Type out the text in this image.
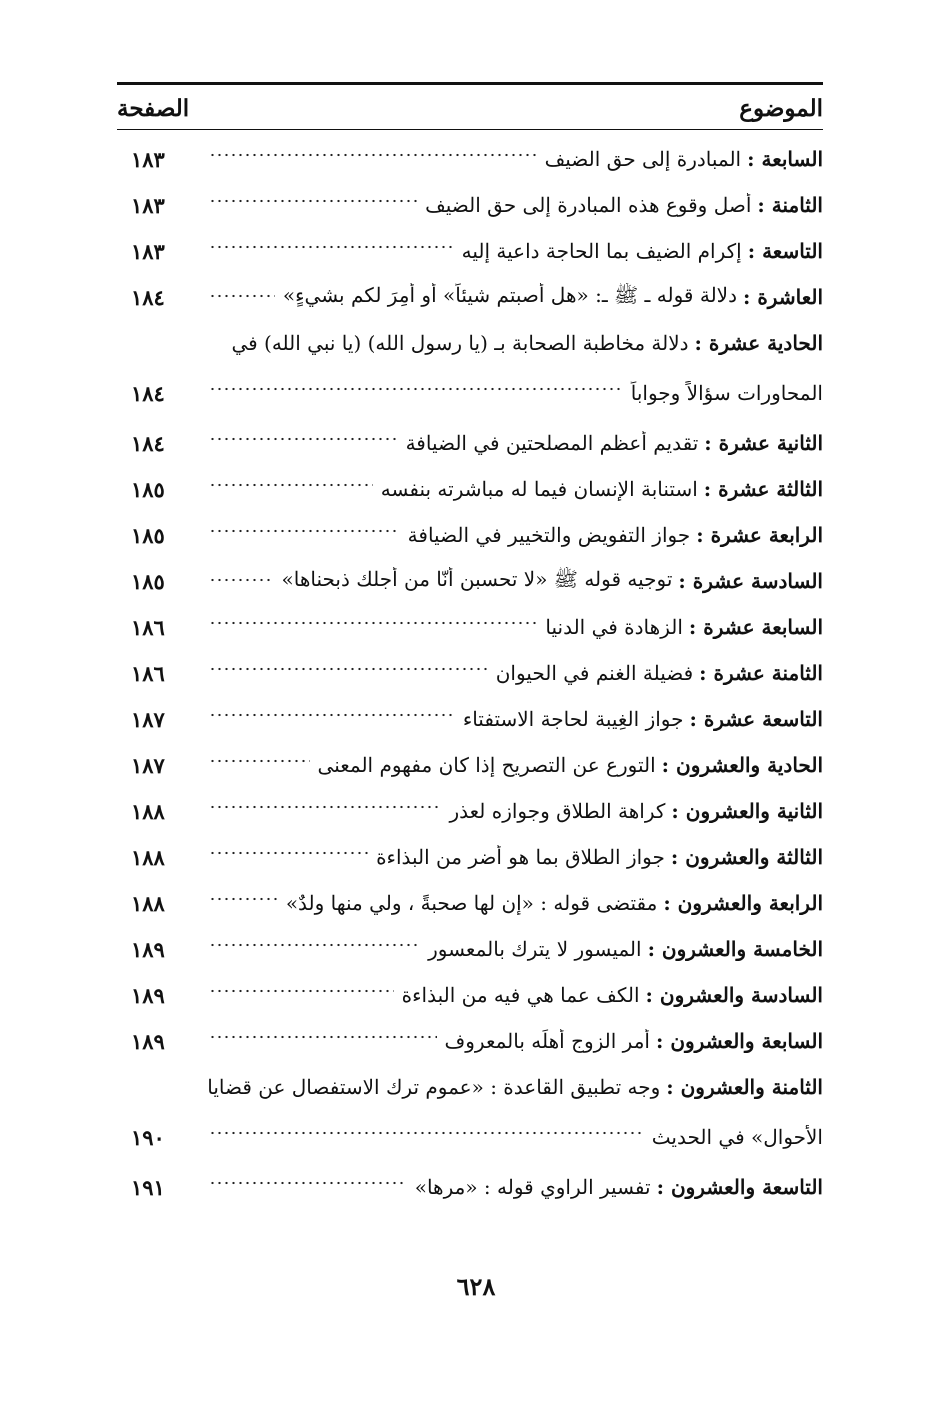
الموضوع
الصفحة
السابعة :
المبادرة إلى حق الضيف
١٨٣
الثامنة :
أصل وقوع هذه المبادرة إلى حق الضيف
١٨٣
التاسعة :
إكرام الضيف بما الحاجة داعية إليه
١٨٣
العاشرة :
دلالة قوله ـ ﷺ ـ: «هل أصبتم شيئاً» أو أُمِرَ لكم بشيءٍ»
١٨٤
الحادية عشرة :
دلالة مخاطبة الصحابة بـ (يا رسول الله) (يا نبي الله) في
المحاورات سؤالاً وجواباً
١٨٤
الثانية عشرة :
تقديم أعظم المصلحتين في الضيافة
١٨٤
الثالثة عشرة :
استنابة الإنسان فيما له مباشرته بنفسه
١٨٥
الرابعة عشرة :
جواز التفويض والتخيير في الضيافة
١٨٥
السادسة عشرة :
توجيه قوله ﷺ «لا تحسبن أنّا من أجلك ذبحناها»
١٨٥
السابعة عشرة :
الزهادة في الدنيا
١٨٦
الثامنة عشرة :
فضيلة الغنم في الحيوان
١٨٦
التاسعة عشرة :
جواز الغِيبة لحاجة الاستفتاء
١٨٧
الحادية والعشرون :
التورع عن التصريح إذا كان مفهوم المعنى
١٨٧
الثانية والعشرون :
كراهة الطلاق وجوازه لعذرٍ
١٨٨
الثالثة والعشرون :
جواز الطلاق بما هو أضر من البذاءة
١٨٨
الرابعة والعشرون :
مقتضى قوله : «إن لها صحبةً ، ولي منها ولدٌ»
١٨٨
الخامسة والعشرون :
الميسور لا يترك بالمعسور
١٨٩
السادسة والعشرون :
الكف عما هي فيه من البذاءة
١٨٩
السابعة والعشرون :
أمر الزوج أهلَه بالمعروف
١٨٩
الثامنة والعشرون :
وجه تطبيق القاعدة : «عموم ترك الاستفصال عن قضايا
الأحوال» في الحديث
١٩٠
التاسعة والعشرون :
تفسير الراوي قوله : «مرها»
١٩١
٦٢٨
